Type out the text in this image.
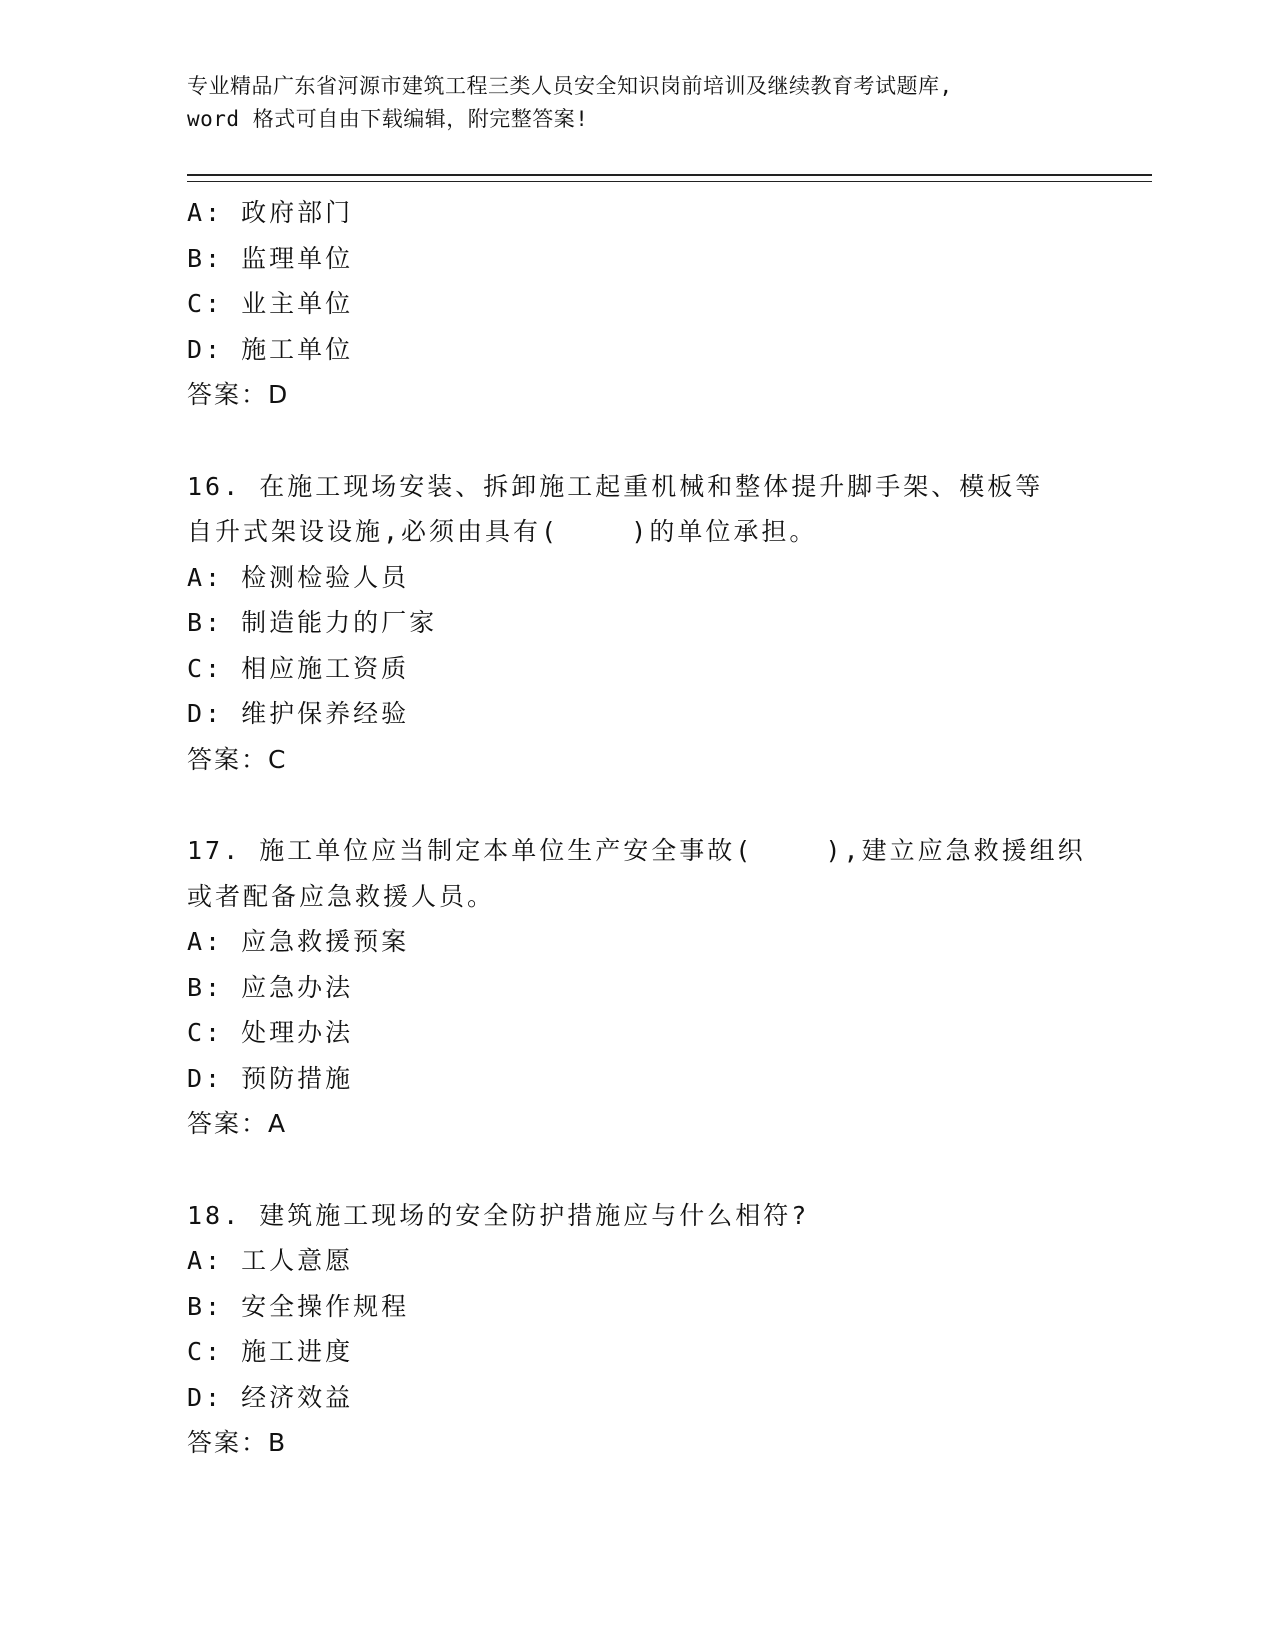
专业精品广东省河源市建筑工程三类人员安全知识岗前培训及继续教育考试题库,

word 格式可自由下载编辑，附完整答案!

A: 政府部门

B: 监理单位

C: 业主单位

D: 施工单位

答案：D

16. 在施工现场安装、拆卸施工起重机械和整体提升脚手架、模板等

自升式架设设施,必须由具有(    )的单位承担。

A: 检测检验人员

B: 制造能力的厂家

C: 相应施工资质

D: 维护保养经验

答案：C

17. 施工单位应当制定本单位生产安全事故(    ),建立应急救援组织

或者配备应急救援人员。

A: 应急救援预案

B: 应急办法

C: 处理办法

D: 预防措施

答案：A

18. 建筑施工现场的安全防护措施应与什么相符?

A: 工人意愿

B: 安全操作规程

C: 施工进度

D: 经济效益

答案：B
